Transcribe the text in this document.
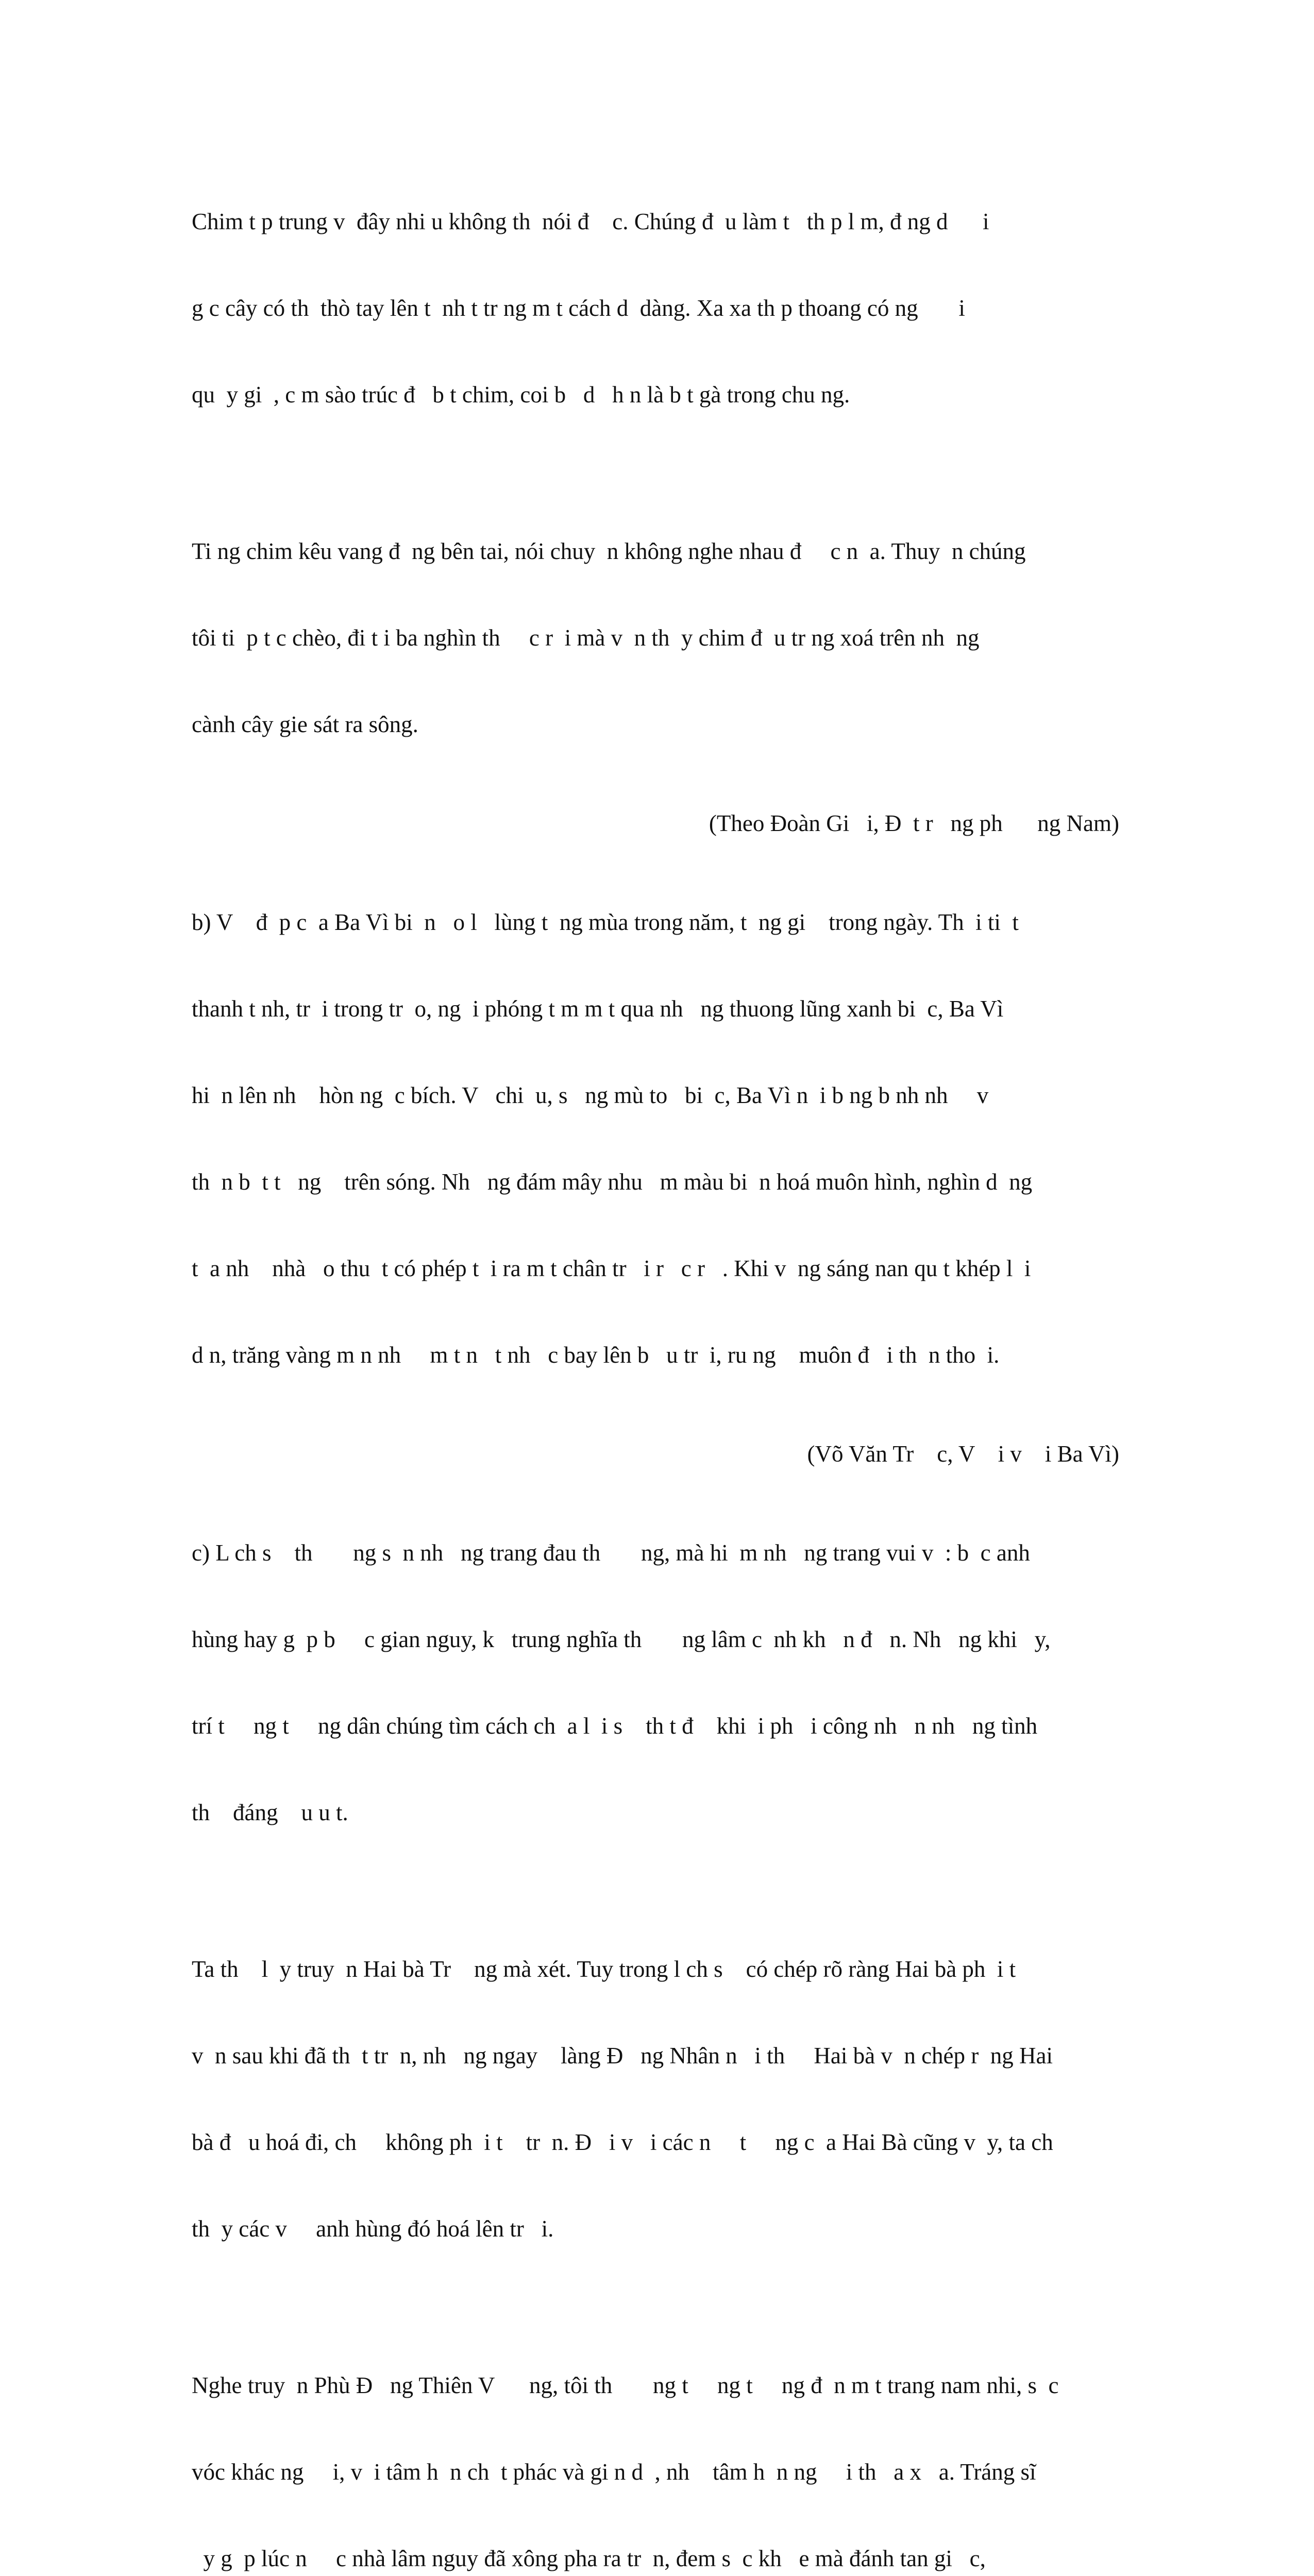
Chim t p trung v  đây nhi u không th  nói đ    c. Chúng đ  u làm t   th p l m, đ ng d      i

g c cây có th  thò tay lên t  nh t tr ng m t cách d  dàng. Xa xa th p thoang có ng       i

qu  y gi  , c m sào trúc đ   b t chim, coi b   d   h n là b t gà trong chu ng.

Ti ng chim kêu vang đ  ng bên tai, nói chuy  n không nghe nhau đ     c n  a. Thuy  n chúng

tôi ti  p t c chèo, đi t i ba nghìn th     c r  i mà v  n th  y chim đ  u tr ng xoá trên nh  ng

cành cây gie sát ra sông.

(Theo Đoàn Gi   i, Đ  t r   ng ph      ng Nam)

b) V    đ  p c  a Ba Vì bi  n   o l   lùng t  ng mùa trong năm, t  ng gi    trong ngày. Th  i ti  t

thanh t nh, tr  i trong tr  o, ng  i phóng t m m t qua nh   ng thuong lũng xanh bi  c, Ba Vì

hi  n lên nh    hòn ng  c bích. V   chi  u, s   ng mù to   bi  c, Ba Vì n  i b ng b nh nh     v

th  n b  t t   ng    trên sóng. Nh   ng đám mây nhu   m màu bi  n hoá muôn hình, nghìn d  ng

t  a nh    nhà   o thu  t có phép t  i ra m t chân tr   i r   c r   . Khi v  ng sáng nan qu t khép l  i

d n, trăng vàng m n nh     m t n   t nh   c bay lên b   u tr  i, ru ng    muôn đ   i th  n tho  i.

(Võ Văn Tr    c, V    i v    i Ba Vì)

c) L ch s    th       ng s  n nh   ng trang đau th       ng, mà hi  m nh   ng trang vui v  : b  c anh

hùng hay g  p b     c gian nguy, k   trung nghĩa th       ng lâm c  nh kh   n đ   n. Nh   ng khi   y,

trí t     ng t     ng dân chúng tìm cách ch  a l  i s    th t đ    khi  i ph   i công nh   n nh   ng tình

th    đáng    u u t.

Ta th    l  y truy  n Hai bà Tr    ng mà xét. Tuy trong l ch s    có chép rõ ràng Hai bà ph  i t

v  n sau khi đã th  t tr  n, nh   ng ngay    làng Đ   ng Nhân n   i th     Hai bà v  n chép r  ng Hai

bà đ   u hoá đi, ch     không ph  i t    tr  n. Đ   i v   i các n     t     ng c  a Hai Bà cũng v  y, ta ch

th  y các v     anh hùng đó hoá lên tr   i.

Nghe truy  n Phù Đ   ng Thiên V      ng, tôi th       ng t     ng t     ng đ  n m t trang nam nhi, s  c

vóc khác ng     i, v  i tâm h  n ch  t phác và gi n d  , nh    tâm h  n ng     i th   a x   a. Tráng sĩ

y g  p lúc n     c nhà lâm nguy đã xông pha ra tr  n, đem s  c kh   e mà đánh tan gi   c,
